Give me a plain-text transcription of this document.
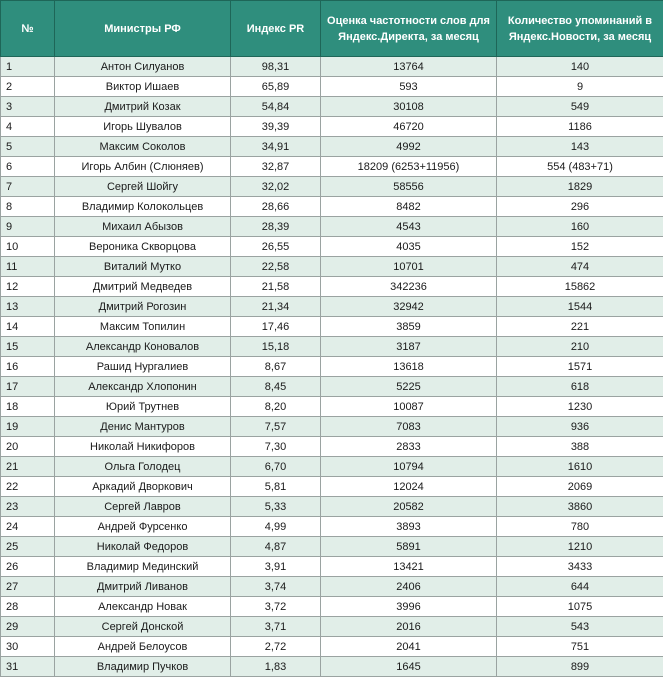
№	Министры РФ	Индекс PR	Оценка частотности слов для Яндекс.Директа, за месяц	Количество упоминаний в Яндекс.Новости, за месяц
1	Антон Силуанов	98,31	13764	140
2	Виктор Ишаев	65,89	593	9
3	Дмитрий Козак	54,84	30108	549
4	Игорь Шувалов	39,39	46720	1186
5	Максим Соколов	34,91	4992	143
6	Игорь Албин (Слюняев)	32,87	18209 (6253+11956)	554 (483+71)
7	Сергей Шойгу	32,02	58556	1829
8	Владимир Колокольцев	28,66	8482	296
9	Михаил Абызов	28,39	4543	160
10	Вероника Скворцова	26,55	4035	152
11	Виталий Мутко	22,58	10701	474
12	Дмитрий Медведев	21,58	342236	15862
13	Дмитрий Рогозин	21,34	32942	1544
14	Максим Топилин	17,46	3859	221
15	Александр Коновалов	15,18	3187	210
16	Рашид Нургалиев	8,67	13618	1571
17	Александр Хлопонин	8,45	5225	618
18	Юрий Трутнев	8,20	10087	1230
19	Денис Мантуров	7,57	7083	936
20	Николай Никифоров	7,30	2833	388
21	Ольга Голодец	6,70	10794	1610
22	Аркадий Дворкович	5,81	12024	2069
23	Сергей Лавров	5,33	20582	3860
24	Андрей Фурсенко	4,99	3893	780
25	Николай Федоров	4,87	5891	1210
26	Владимир Мединский	3,91	13421	3433
27	Дмитрий Ливанов	3,74	2406	644
28	Александр Новак	3,72	3996	1075
29	Сергей Донской	3,71	2016	543
30	Андрей Белоусов	2,72	2041	751
31	Владимир Пучков	1,83	1645	899
